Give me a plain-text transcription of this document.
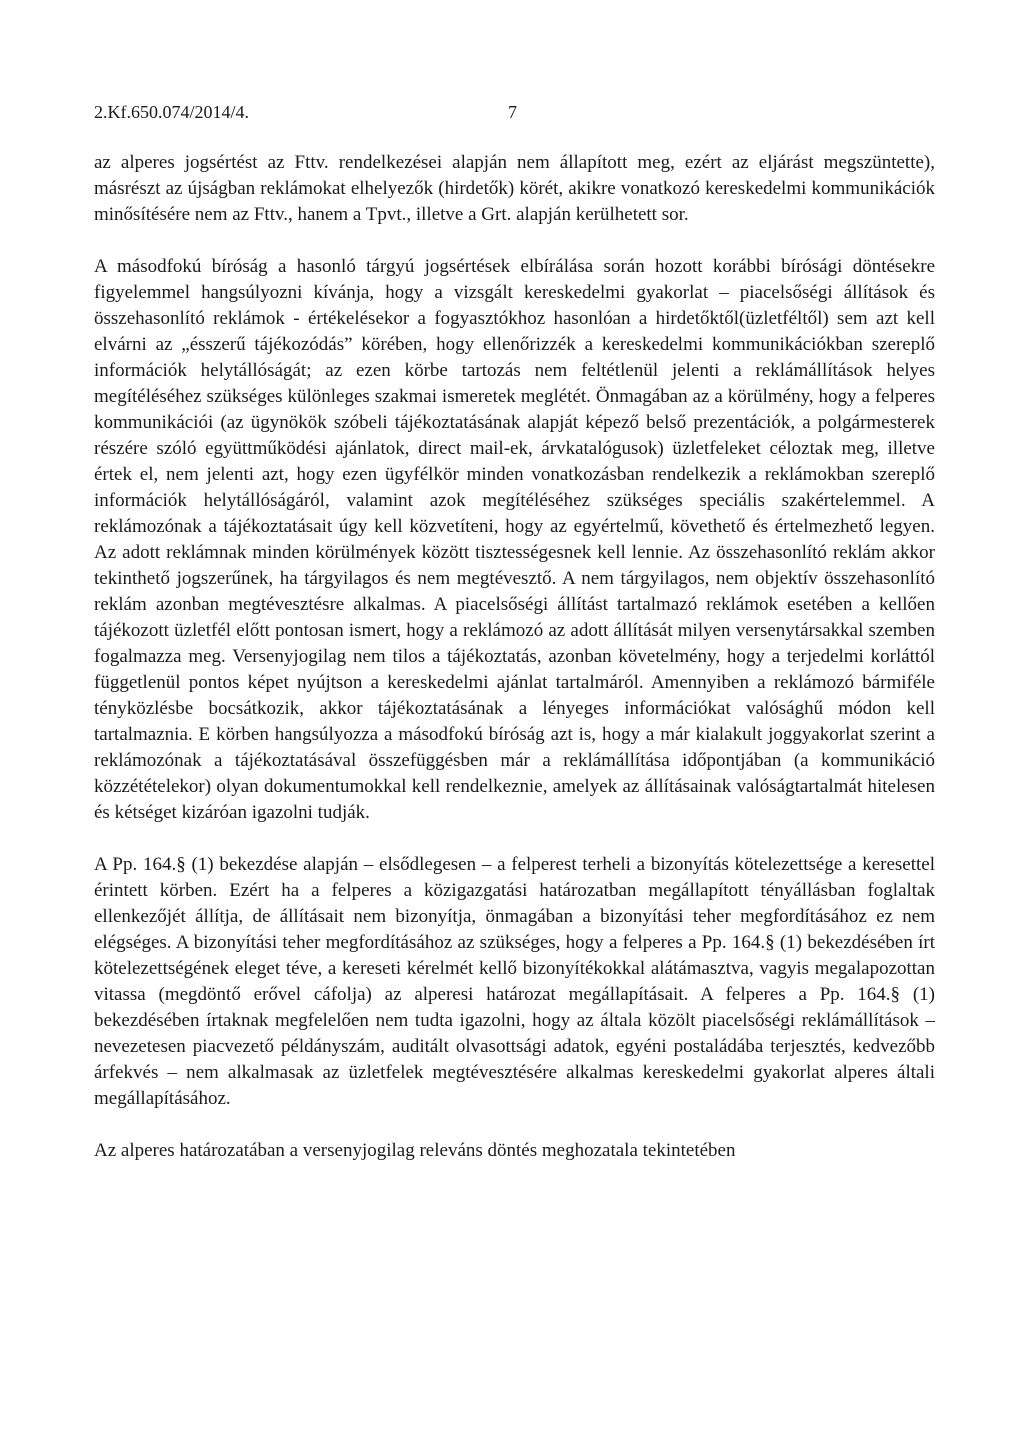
2.Kf.650.074/2014/4.	7

az alperes jogsértést az Fttv. rendelkezései alapján nem állapított meg, ezért az eljárást megszüntette), másrészt az újságban reklámokat elhelyezők (hirdetők) körét, akikre vonatkozó kereskedelmi kommunikációk minősítésére nem az Fttv., hanem a Tpvt., illetve a Grt. alapján kerülhetett sor.

A másodfokú bíróság a hasonló tárgyú jogsértések elbírálása során hozott korábbi bírósági döntésekre figyelemmel hangsúlyozni kívánja, hogy a vizsgált kereskedelmi gyakorlat – piacelsőségi állítások és összehasonlító reklámok - értékelésekor a fogyasztókhoz hasonlóan a hirdetőktől(üzletféltől) sem azt kell elvárni az „ésszerű tájékozódás” körében, hogy ellenőrizzék a kereskedelmi kommunikációkban szereplő információk helytállóságát; az ezen körbe tartozás nem feltétlenül jelenti a reklámállítások helyes megítéléséhez szükséges különleges szakmai ismeretek meglétét. Önmagában az a körülmény, hogy a felperes kommunikációi (az ügynökök szóbeli tájékoztatásának alapját képező belső prezentációk, a polgármesterek részére szóló együttműködési ajánlatok, direct mail-ek, árvkatalógusok) üzletfeleket céloztak meg, illetve értek el, nem jelenti azt, hogy ezen ügyfélkör minden vonatkozásban rendelkezik a reklámokban szereplő információk helytállóságáról, valamint azok megítéléséhez szükséges speciális szakértelemmel. A reklámozónak a tájékoztatásait úgy kell közvetíteni, hogy az egyértelmű, követhető és értelmezhető legyen. Az adott reklámnak minden körülmények között tisztességesnek kell lennie. Az összehasonlító reklám akkor tekinthető jogszerűnek, ha tárgyilagos és nem megtévesztő. A nem tárgyilagos, nem objektív összehasonlító reklám azonban megtévesztésre alkalmas. A piacelsőségi állítást tartalmazó reklámok esetében a kellően tájékozott üzletfél előtt pontosan ismert, hogy a reklámozó az adott állítását milyen versenytársakkal szemben fogalmazza meg. Versenyjogilag nem tilos a tájékoztatás, azonban követelmény, hogy a terjedelmi korláttól függetlenül pontos képet nyújtson a kereskedelmi ajánlat tartalmáról. Amennyiben a reklámozó bármiféle tényközlésbe bocsátkozik, akkor tájékoztatásának a lényeges információkat valósághű módon kell tartalmaznia. E körben hangsúlyozza a másodfokú bíróság azt is, hogy a már kialakult joggyakorlat szerint a reklámozónak a tájékoztatásával összefüggésben már a reklámállítása időpontjában (a kommunikáció közzétételekor) olyan dokumentumokkal kell rendelkeznie, amelyek az állításainak valóságtartalmát hitelesen és kétséget kizáróan igazolni tudják.

A Pp. 164.§ (1) bekezdése alapján – elsődlegesen – a felperest terheli a bizonyítás kötelezettsége a keresettel érintett körben. Ezért ha a felperes a közigazgatási határozatban megállapított tényállásban foglaltak ellenkezőjét állítja, de állításait nem bizonyítja, önmagában a bizonyítási teher megfordításához ez nem elégséges. A bizonyítási teher megfordításához az szükséges, hogy a felperes a Pp. 164.§ (1) bekezdésében írt kötelezettségének eleget téve, a kereseti kérelmét kellő bizonyítékokkal alátámasztva, vagyis megalapozottan vitassa (megdöntő erővel cáfolja) az alperesi határozat megállapításait. A felperes a Pp. 164.§ (1) bekezdésében írtaknak megfelelően nem tudta igazolni, hogy az általa közölt piacelsőségi reklámállítások – nevezetesen piacvezető példányszám, auditált olvasottsági adatok, egyéni postaládába terjesztés, kedvezőbb árfekvés – nem alkalmasak az üzletfelek megtévesztésére alkalmas kereskedelmi gyakorlat alperes általi megállapításához.

Az alperes határozatában a versenyjogilag releváns döntés meghozatala tekintetében
